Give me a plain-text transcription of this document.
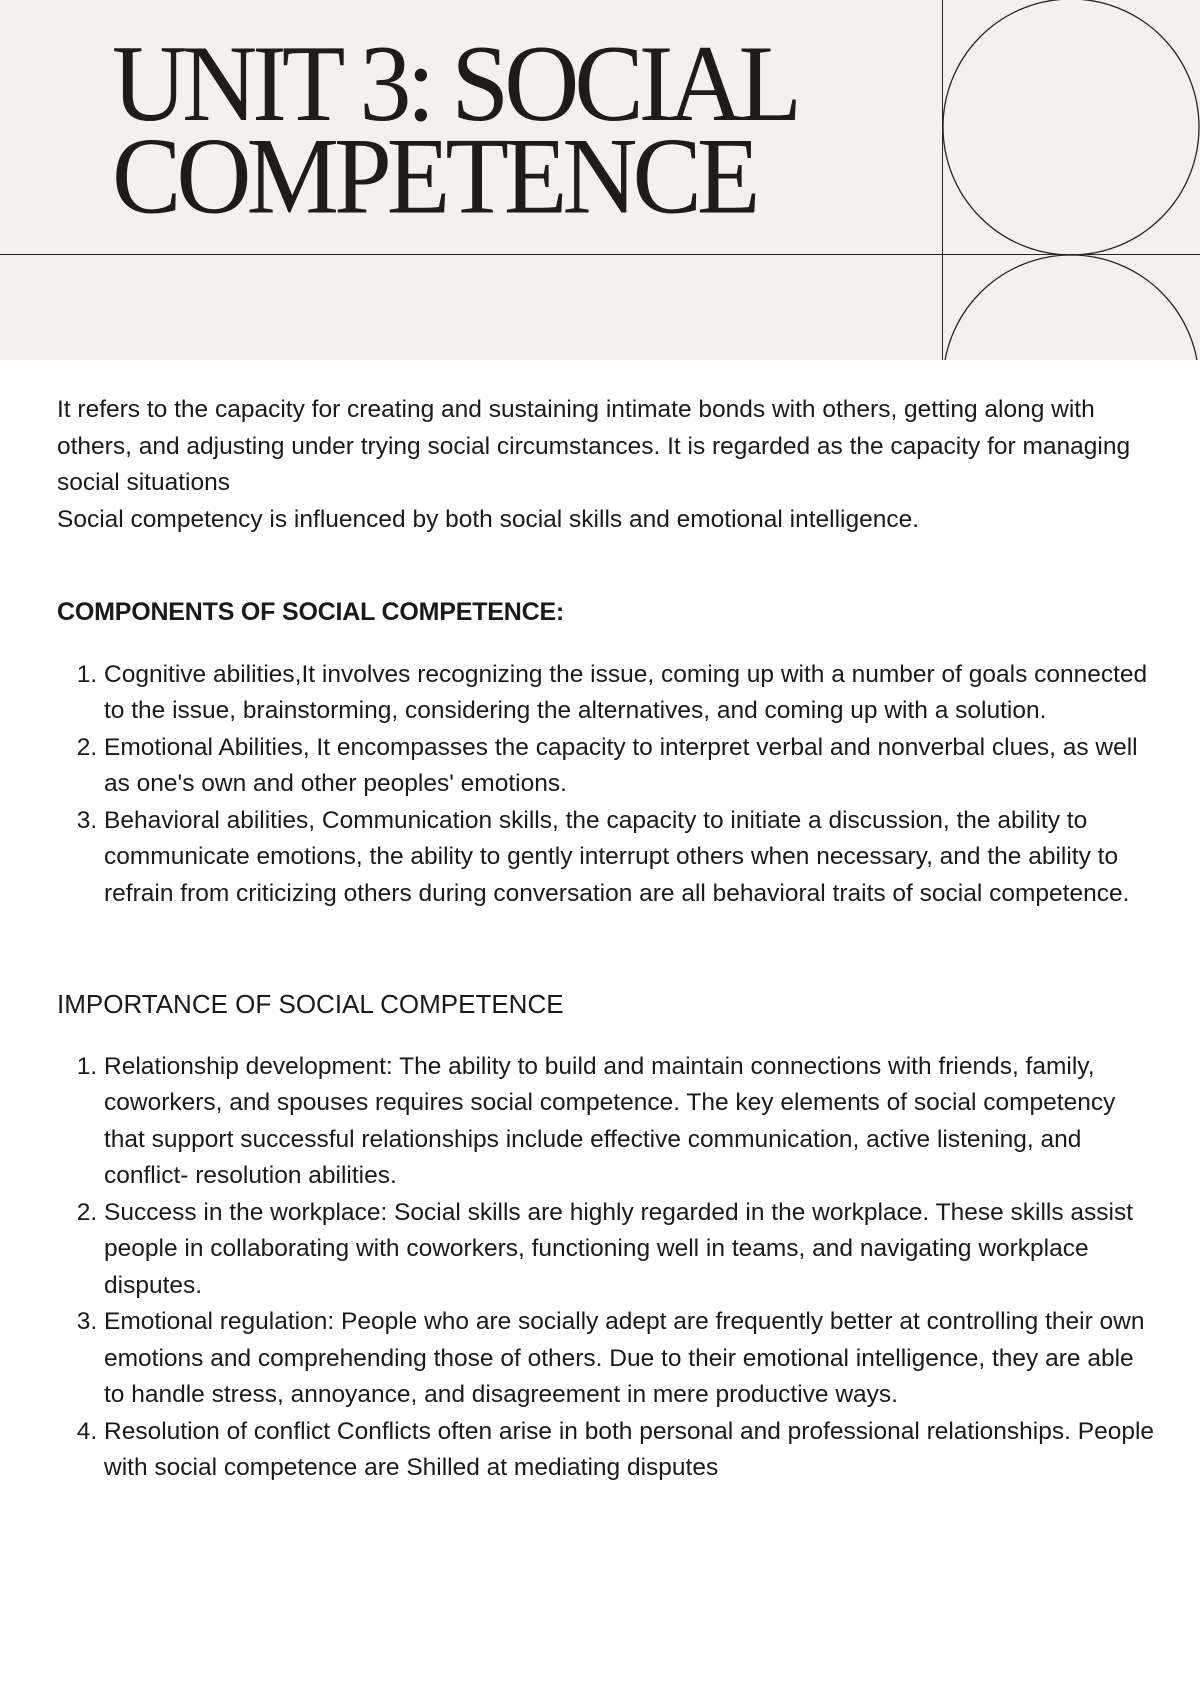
UNIT 3: SOCIAL
COMPETENCE

It refers to the capacity for creating and sustaining intimate bonds with others, getting along with others, and adjusting under trying social circumstances. It is regarded as the capacity for managing social situations

Social competency is influenced by both social skills and emotional intelligence.

COMPONENTS OF SOCIAL COMPETENCE:
1. Cognitive abilities,It involves recognizing the issue, coming up with a number of goals connected to the issue, brainstorming, considering the alternatives, and coming up with a solution.
2. Emotional Abilities, It encompasses the capacity to interpret verbal and nonverbal clues, as well as one's own and other peoples' emotions.
3. Behavioral abilities, Communication skills, the capacity to initiate a discussion, the ability to communicate emotions, the ability to gently interrupt others when necessary, and the ability to refrain from criticizing others during conversation are all behavioral traits of social competence.
IMPORTANCE OF SOCIAL COMPETENCE
1. Relationship development: The ability to build and maintain connections with friends, family, coworkers, and spouses requires social competence. The key elements of social competency that support successful relationships include effective communication, active listening, and conflict- resolution abilities.
2. Success in the workplace: Social skills are highly regarded in the workplace. These skills assist people in collaborating with coworkers, functioning well in teams, and navigating workplace disputes.
3. Emotional regulation: People who are socially adept are frequently better at controlling their own emotions and comprehending those of others. Due to their emotional intelligence, they are able to handle stress, annoyance, and disagreement in mere productive ways.
4. Resolution of conflict Conflicts often arise in both personal and professional relationships. People with social competence are Shilled at mediating disputes
